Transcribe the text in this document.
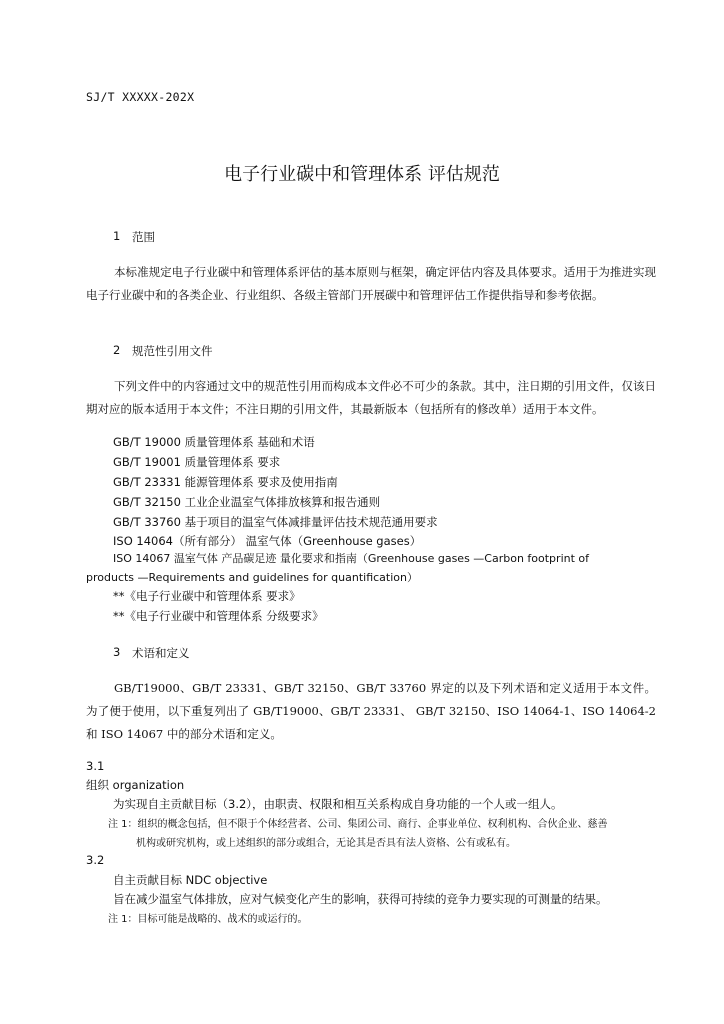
SJ/T XXXXX-202X
电子行业碳中和管理体系 评估规范
1 范围
本标准规定电子行业碳中和管理体系评估的基本原则与框架，确定评估内容及具体要求。适用于为推进实现电子行业碳中和的各类企业、行业组织、各级主管部门开展碳中和管理评估工作提供指导和参考依据。
2 规范性引用文件
下列文件中的内容通过文中的规范性引用而构成本文件必不可少的条款。其中，注日期的引用文件，仅该日期对应的版本适用于本文件；不注日期的引用文件，其最新版本（包括所有的修改单）适用于本文件。
GB/T 19000 质量管理体系 基础和术语
GB/T 19001 质量管理体系 要求
GB/T 23331 能源管理体系 要求及使用指南
GB/T 32150 工业企业温室气体排放核算和报告通则
GB/T 33760 基于项目的温室气体减排量评估技术规范通用要求
ISO 14064（所有部分） 温室气体（Greenhouse gases）
ISO 14067 温室气体 产品碳足迹 量化要求和指南（Greenhouse gases —Carbon footprint of
products —Requirements and guidelines for quantification）
**《电子行业碳中和管理体系 要求》
**《电子行业碳中和管理体系 分级要求》
3 术语和定义
GB/T19000、GB/T 23331、GB/T 32150、GB/T 33760 界定的以及下列术语和定义适用于本文件。为了便于使用，以下重复列出了 GB/T19000、GB/T 23331、 GB/T 32150、ISO 14064-1、ISO 14064-2 和 ISO 14067 中的部分术语和定义。
3.1
组织 organization
为实现自主贡献目标（3.2），由职责、权限和相互关系构成自身功能的一个人或一组人。
注 1：组织的概念包括，但不限于个体经营者、公司、集团公司、商行、企事业单位、权利机构、合伙企业、慈善
机构或研究机构，或上述组织的部分或组合，无论其是否具有法人资格、公有或私有。
3.2
自主贡献目标 NDC objective
旨在减少温室气体排放，应对气候变化产生的影响，获得可持续的竞争力要实现的可测量的结果。
注 1：目标可能是战略的、战术的或运行的。
